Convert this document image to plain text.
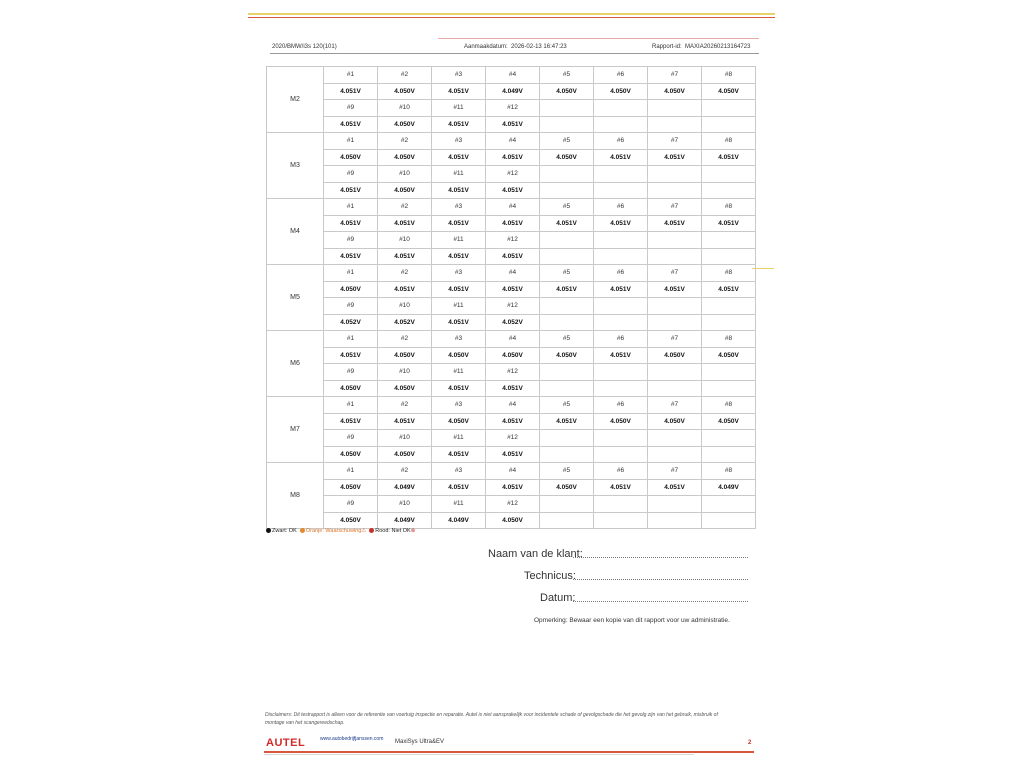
2020/BMW/i3s 120(101)	Aanmaakdatum: 2026-02-13 16:47:23	Rapport-id: MAXIA20260213164723
M2	#1	#2	#3	#4	#5	#6	#7	#8
	4.051V	4.050V	4.051V	4.049V	4.050V	4.050V	4.050V	4.050V
	#9	#10	#11	#12				
	4.051V	4.050V	4.051V	4.051V				
M3	#1	#2	#3	#4	#5	#6	#7	#8
	4.050V	4.050V	4.051V	4.051V	4.050V	4.051V	4.051V	4.051V
	#9	#10	#11	#12				
	4.051V	4.050V	4.051V	4.051V				
M4	#1	#2	#3	#4	#5	#6	#7	#8
	4.051V	4.051V	4.051V	4.051V	4.051V	4.051V	4.051V	4.051V
	#9	#10	#11	#12				
	4.051V	4.051V	4.051V	4.051V				
M5	#1	#2	#3	#4	#5	#6	#7	#8
	4.050V	4.051V	4.051V	4.051V	4.051V	4.051V	4.051V	4.051V
	#9	#10	#11	#12				
	4.052V	4.052V	4.051V	4.052V				
M6	#1	#2	#3	#4	#5	#6	#7	#8
	4.051V	4.050V	4.050V	4.050V	4.050V	4.051V	4.050V	4.050V
	#9	#10	#11	#12				
	4.050V	4.050V	4.051V	4.051V				
M7	#1	#2	#3	#4	#5	#6	#7	#8
	4.051V	4.051V	4.050V	4.051V	4.051V	4.050V	4.050V	4.050V
	#9	#10	#11	#12				
	4.050V	4.050V	4.051V	4.051V				
M8	#1	#2	#3	#4	#5	#6	#7	#8
	4.050V	4.049V	4.051V	4.051V	4.050V	4.051V	4.051V	4.049V
	#9	#10	#11	#12				
	4.050V	4.049V	4.049V	4.050V				
Zwart: OK Oranje: Waarschuwing⚠ Rood: Niet OK⊗
Naam van de klant:
Technicus:
Datum:
Opmerking: Bewaar een kopie van dit rapport voor uw administratie.
Disclaimers: Dit testrapport is alleen voor de referentie van voertuig inspectie en reparatie. Autel is niet aansprakelijk voor incidentele schade of gevolgschade die het gevolg zijn van het gebruik, misbruik of montage van het scangereedschap.
AUTEL	www.autobedrijfjanssen.com	MaxiSys Ultra&EV	2
